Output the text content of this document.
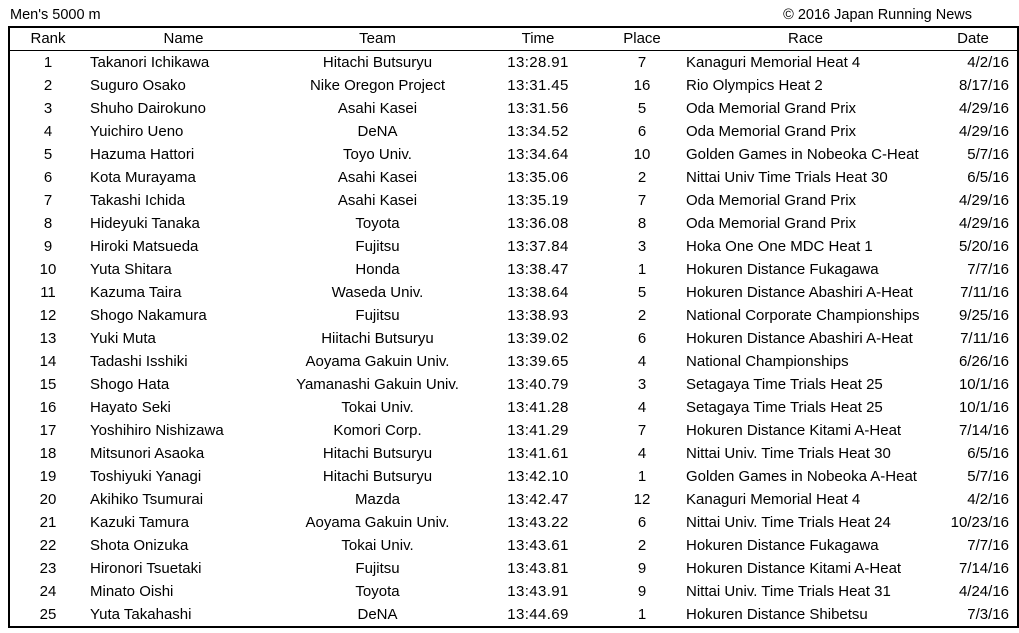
Men's 5000 m	© 2016 Japan Running News
Rank	Name	Team	Time	Place	Race	Date
1	Takanori Ichikawa	Hitachi Butsuryu	13:28.91	7	Kanaguri Memorial Heat 4	4/2/16
2	Suguro Osako	Nike Oregon Project	13:31.45	16	Rio Olympics Heat 2	8/17/16
3	Shuho Dairokuno	Asahi Kasei	13:31.56	5	Oda Memorial Grand Prix	4/29/16
4	Yuichiro Ueno	DeNA	13:34.52	6	Oda Memorial Grand Prix	4/29/16
5	Hazuma Hattori	Toyo Univ.	13:34.64	10	Golden Games in Nobeoka C-Heat	5/7/16
6	Kota Murayama	Asahi Kasei	13:35.06	2	Nittai Univ Time Trials Heat 30	6/5/16
7	Takashi Ichida	Asahi Kasei	13:35.19	7	Oda Memorial Grand Prix	4/29/16
8	Hideyuki Tanaka	Toyota	13:36.08	8	Oda Memorial Grand Prix	4/29/16
9	Hiroki Matsueda	Fujitsu	13:37.84	3	Hoka One One MDC Heat 1	5/20/16
10	Yuta Shitara	Honda	13:38.47	1	Hokuren Distance Fukagawa	7/7/16
11	Kazuma Taira	Waseda Univ.	13:38.64	5	Hokuren Distance Abashiri A-Heat	7/11/16
12	Shogo Nakamura	Fujitsu	13:38.93	2	National Corporate Championships	9/25/16
13	Yuki Muta	Hiitachi Butsuryu	13:39.02	6	Hokuren Distance Abashiri A-Heat	7/11/16
14	Tadashi Isshiki	Aoyama Gakuin Univ.	13:39.65	4	National Championships	6/26/16
15	Shogo Hata	Yamanashi Gakuin Univ.	13:40.79	3	Setagaya Time Trials Heat 25	10/1/16
16	Hayato Seki	Tokai Univ.	13:41.28	4	Setagaya Time Trials Heat 25	10/1/16
17	Yoshihiro Nishizawa	Komori Corp.	13:41.29	7	Hokuren Distance Kitami A-Heat	7/14/16
18	Mitsunori Asaoka	Hitachi Butsuryu	13:41.61	4	Nittai Univ. Time Trials Heat 30	6/5/16
19	Toshiyuki Yanagi	Hitachi Butsuryu	13:42.10	1	Golden Games in Nobeoka A-Heat	5/7/16
20	Akihiko Tsumurai	Mazda	13:42.47	12	Kanaguri Memorial Heat 4	4/2/16
21	Kazuki Tamura	Aoyama Gakuin Univ.	13:43.22	6	Nittai Univ. Time Trials Heat 24	10/23/16
22	Shota Onizuka	Tokai Univ.	13:43.61	2	Hokuren Distance Fukagawa	7/7/16
23	Hironori Tsuetaki	Fujitsu	13:43.81	9	Hokuren Distance Kitami A-Heat	7/14/16
24	Minato Oishi	Toyota	13:43.91	9	Nittai Univ. Time Trials Heat 31	4/24/16
25	Yuta Takahashi	DeNA	13:44.69	1	Hokuren Distance Shibetsu	7/3/16
